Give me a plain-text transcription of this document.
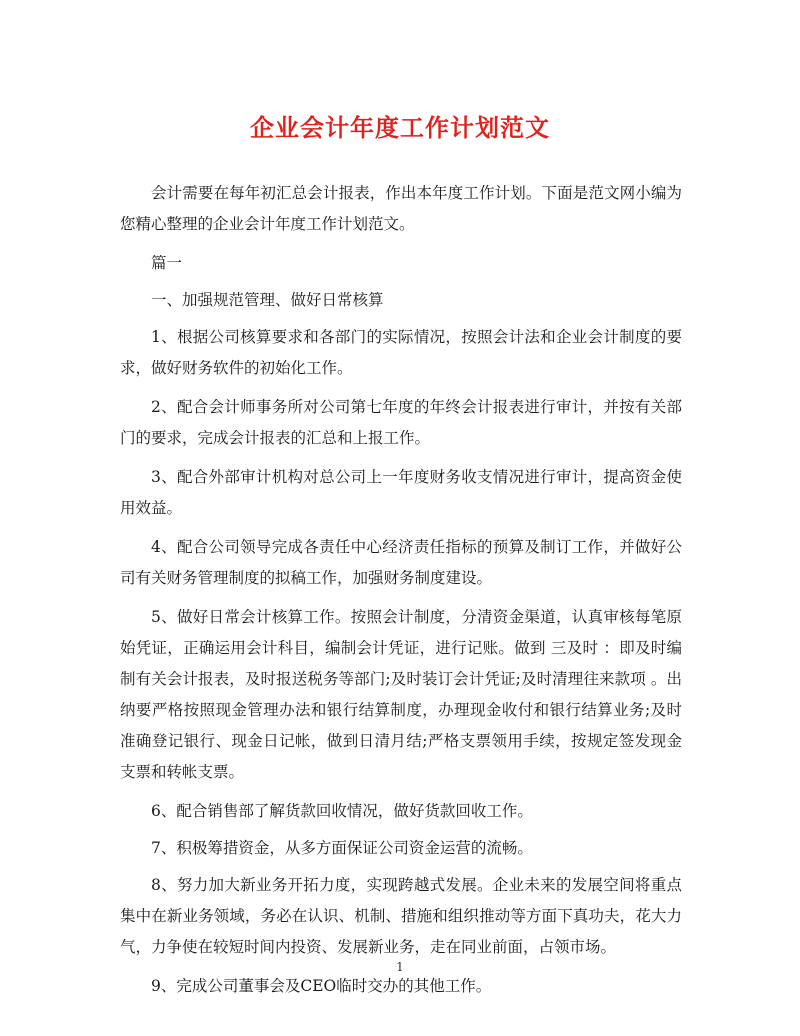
企业会计年度工作计划范文

会计需要在每年初汇总会计报表，作出本年度工作计划。下面是范文网小编为您精心整理的企业会计年度工作计划范文。

篇一

一、加强规范管理、做好日常核算

1、根据公司核算要求和各部门的实际情况，按照会计法和企业会计制度的要求，做好财务软件的初始化工作。

2、配合会计师事务所对公司第七年度的年终会计报表进行审计，并按有关部门的要求，完成会计报表的汇总和上报工作。

3、配合外部审计机构对总公司上一年度财务收支情况进行审计，提高资金使用效益。

4、配合公司领导完成各责任中心经济责任指标的预算及制订工作，并做好公司有关财务管理制度的拟稿工作，加强财务制度建设。

5、做好日常会计核算工作。按照会计制度，分清资金渠道，认真审核每笔原始凭证，正确运用会计科目，编制会计凭证，进行记账。做到 三及时 ：即及时编制有关会计报表，及时报送税务等部门;及时装订会计凭证;及时清理往来款项 。出纳要严格按照现金管理办法和银行结算制度，办理现金收付和银行结算业务;及时准确登记银行、现金日记帐，做到日清月结;严格支票领用手续，按规定签发现金支票和转帐支票。

6、配合销售部了解货款回收情况，做好货款回收工作。

7、积极筹措资金，从多方面保证公司资金运营的流畅。

8、努力加大新业务开拓力度，实现跨越式发展。企业未来的发展空间将重点集中在新业务领域，务必在认识、机制、措施和组织推动等方面下真功夫，花大力气，力争使在较短时间内投资、发展新业务，走在同业前面，占领市场。

9、完成公司董事会及CEO临时交办的其他工作。

1
